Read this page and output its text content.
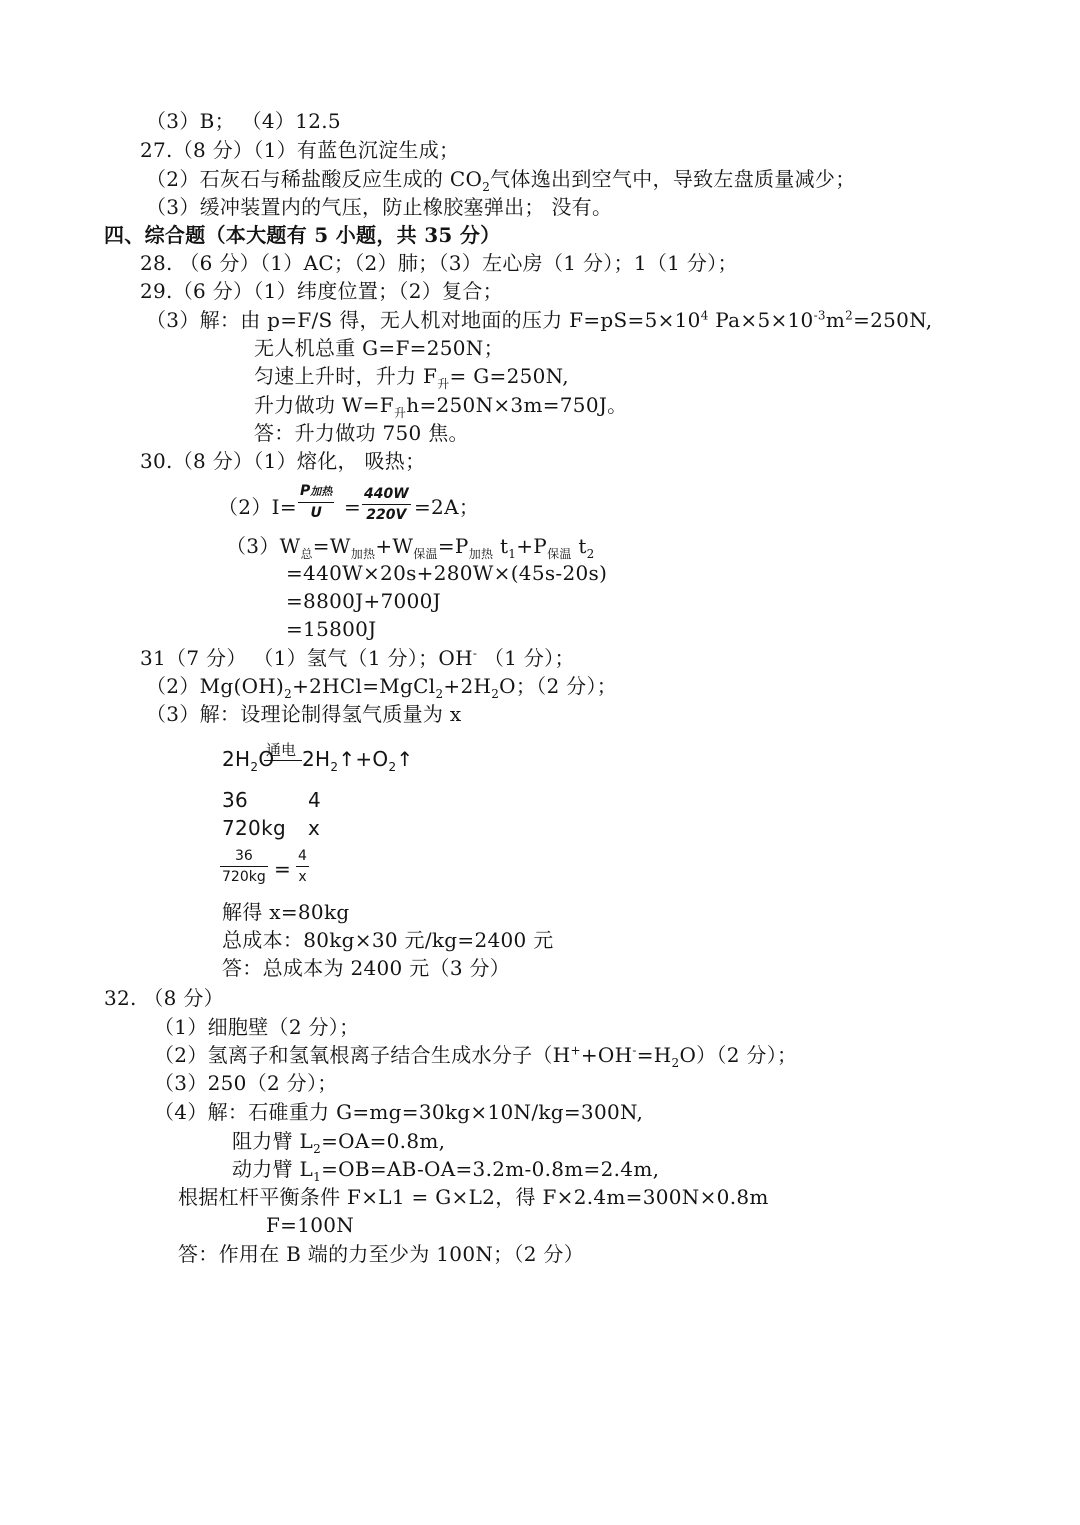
（3）B； （4）12.5
27.（8 分）（1）有蓝色沉淀生成；
（2）石灰石与稀盐酸反应生成的 $CO_2$气体逸出到空气中，导致左盘质量减少；
（3）缓冲装置内的气压，防止橡胶塞弹出； 没有。
四、综合题（本大题有 5 小题，共 35 分）
28. （6 分）（1）AC；（2）肺；（3）左心房（1 分）；1（1 分）；
29.（6 分）（1）纬度位置；（2）复合；
（3）解：由 p=F/S 得，无人机对地面的压力 $F=pS=5\times 10^4$ $Pa\times 5\times 10^{-3}m^2=250N$,
无人机总重 G=F=250N；
匀速上升时，升力 $F_升= G=250N$,
升力做功 $W=F_升h=250N\times 3m=750J$。
答：升力做功 750 焦。
30.（8 分）（1）熔化， 吸热；
（2）I=
P加热
U	=
440W
220V =2A；
$(3)W_总=W_{加热}+W_{保温}=P_{加热}$ $t_1+P_{保温}$ $t_2$
=440W×20s+280W×(45s-20s)
=8800J+7000J
=15800J
31（7 分） （1）氢气（1 分）；OH- （1 分）；
$(2)Mg(OH)_2+2HCl=MgCl_2+2H_2O$；（2 分）；
（3）解：设理论制得氢气质量为 x
$2H_2O$
通电 $2H_2↑+O_2↑$
36	4
720kg x
36
720kg =
4
x
解得 x=80kg
总成本：80kg×30 元/kg=2400 元
答：总成本为 2400 元（3 分）
32. （8 分）
（1）细胞壁（2 分）；
（2）氢离子和氢氧根离子结合生成水分子$(H^++OH^-=H_2O)(2$ 分）；
（3）250（2 分）；
（4）解：石碓重力 G=mg=30kg×10N/kg=300N,
阻力臂 $L_2=OA=0.8m$,
动力臂 $L_1=OB=AB-OA=3.2m-0.8m=2.4m$,
根据杠杆平衡条件 F×L1 = G×L2，得 F×2.4m=300N×0.8m
F=100N
答：作用在 B 端的力至少为 100N；（2 分）
